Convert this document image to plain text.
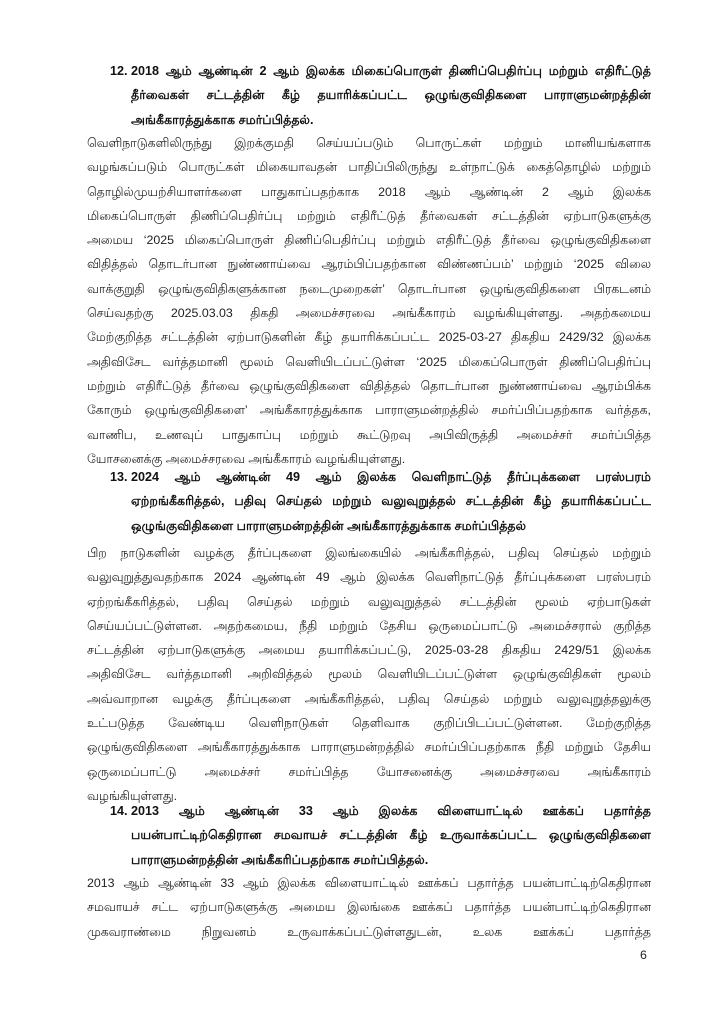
12. 2018 ஆம் ஆண்டின் 2 ஆம் இலக்க மிகைப்பொருள் திணிப்பெதிர்ப்பு மற்றும் எதிரீட்டுத்
தீர்வைகள் சட்டத்தின் கீழ் தயாரிக்கப்பட்ட ஒழுங்குவிதிகளை பாராளுமன்றத்தின்
அங்கீகாரத்துக்காக சமர்ப்பித்தல்.
வெளிநாடுகளிலிருந்து இறக்குமதி செய்யப்படும் பொருட்கள் மற்றும் மானியங்களாக
வழங்கப்படும் பொருட்கள் மிகையாவதன் பாதிப்பிலிருந்து உள்நாட்டுக் கைத்தொழில் மற்றும்
தொழில்முயற்சியாளர்களை பாதுகாப்பதற்காக 2018 ஆம் ஆண்டின் 2 ஆம் இலக்க
மிகைப்பொருள் திணிப்பெதிர்ப்பு மற்றும் எதிரீட்டுத் தீர்வைகள் சட்டத்தின் ஏற்பாடுகளுக்கு
அமைய ‘2025 மிகைப்பொருள் திணிப்பெதிர்ப்பு மற்றும் எதிரீட்டுத் தீர்வை ஒழுங்குவிதிகளை
விதித்தல் தொடர்பான நுண்ணாய்வை ஆரம்பிப்பதற்கான விண்ணப்பம்’ மற்றும் ‘2025 விலை
வாக்குறுதி ஒழுங்குவிதிகளுக்கான நடைமுறைகள்’ தொடர்பான ஒழுங்குவிதிகளை பிரகடனம்
செய்வதற்கு 2025.03.03 திகதி அமைச்சரவை அங்கீகாரம் வழங்கியுள்ளது. அதற்கமைய
மேற்குறித்த சட்டத்தின் ஏற்பாடுகளின் கீழ் தயாரிக்கப்பட்ட 2025-03-27 திகதிய 2429/32 இலக்க
அதிவிசேட வர்த்தமானி மூலம் வெளியிடப்பட்டுள்ள ‘2025 மிகைப்பொருள் திணிப்பெதிர்ப்பு
மற்றும் எதிரீட்டுத் தீர்வை ஒழுங்குவிதிகளை விதித்தல் தொடர்பான நுண்ணாய்வை ஆரம்பிக்க
கோரும் ஒழுங்குவிதிகளை’ அங்கீகாரத்துக்காக பாராளுமன்றத்தில் சமர்ப்பிப்பதற்காக வர்த்தக,
வாணிப, உணவுப் பாதுகாப்பு மற்றும் கூட்டுறவு அபிவிருத்தி அமைச்சர் சமர்ப்பித்த
யோசனைக்கு அமைச்சரவை அங்கீகாரம் வழங்கியுள்ளது.
13. 2024 ஆம் ஆண்டின் 49 ஆம் இலக்க வெளிநாட்டுத் தீர்ப்புக்களை பரஸ்பரம்
ஏற்றங்கீகரித்தல், பதிவு செய்தல் மற்றும் வலுவுறுத்தல் சட்டத்தின் கீழ் தயாரிக்கப்பட்ட
ஒழுங்குவிதிகளை பாராளுமன்றத்தின் அங்கீகாரத்துக்காக சமர்ப்பித்தல்
பிற நாடுகளின் வழக்கு தீர்ப்புகளை இலங்கையில் அங்கீகரித்தல், பதிவு செய்தல் மற்றும்
வலுவுறுத்துவதற்காக 2024 ஆண்டின் 49 ஆம் இலக்க வெளிநாட்டுத் தீர்ப்புக்களை பரஸ்பரம்
ஏற்றங்கீகரித்தல், பதிவு செய்தல் மற்றும் வலுவுறுத்தல் சட்டத்தின் மூலம் ஏற்பாடுகள்
செய்யப்பட்டுள்ளன. அதற்கமைய, நீதி மற்றும் தேசிய ஒருமைப்பாட்டு அமைச்சரால் குறித்த
சட்டத்தின் ஏற்பாடுகளுக்கு அமைய தயாரிக்கப்பட்டு, 2025-03-28 திகதிய 2429/51 இலக்க
அதிவிசேட வர்த்தமானி அறிவித்தல் மூலம் வெளியிடப்பட்டுள்ள ஒழுங்குவிதிகள் மூலம்
அவ்வாறான வழக்கு தீர்ப்புகளை அங்கீகரித்தல், பதிவு செய்தல் மற்றும் வலுவுறுத்தலுக்கு
உட்படுத்த வேண்டிய வெளிநாடுகள் தெளிவாக குறிப்பிடப்பட்டுள்ளன. மேற்குறித்த
ஒழுங்குவிதிகளை அங்கீகாரத்துக்காக பாராளுமன்றத்தில் சமர்ப்பிப்பதற்காக நீதி மற்றும் தேசிய
ஒருமைப்பாட்டு அமைச்சர் சமர்ப்பித்த யோசனைக்கு அமைச்சரவை அங்கீகாரம்
வழங்கியுள்ளது.
14. 2013 ஆம் ஆண்டின் 33 ஆம் இலக்க விளையாட்டில் ஊக்கப் பதார்த்த
பயன்பாட்டிற்கெதிரான சமவாயச் சட்டத்தின் கீழ் உருவாக்கப்பட்ட ஒழுங்குவிதிகளை
பாராளுமன்றத்தின் அங்கீகரிப்பதற்காக சமர்ப்பித்தல்.
2013 ஆம் ஆண்டின் 33 ஆம் இலக்க விளையாட்டில் ஊக்கப் பதார்த்த பயன்பாட்டிற்கெதிரான
சமவாயச் சட்ட ஏற்பாடுகளுக்கு அமைய இலங்கை ஊக்கப் பதார்த்த பயன்பாட்டிற்கெதிரான
முகவராண்மை நிறுவனம் உருவாக்கப்பட்டுள்ளதுடன், உலக ஊக்கப் பதார்த்த
6
